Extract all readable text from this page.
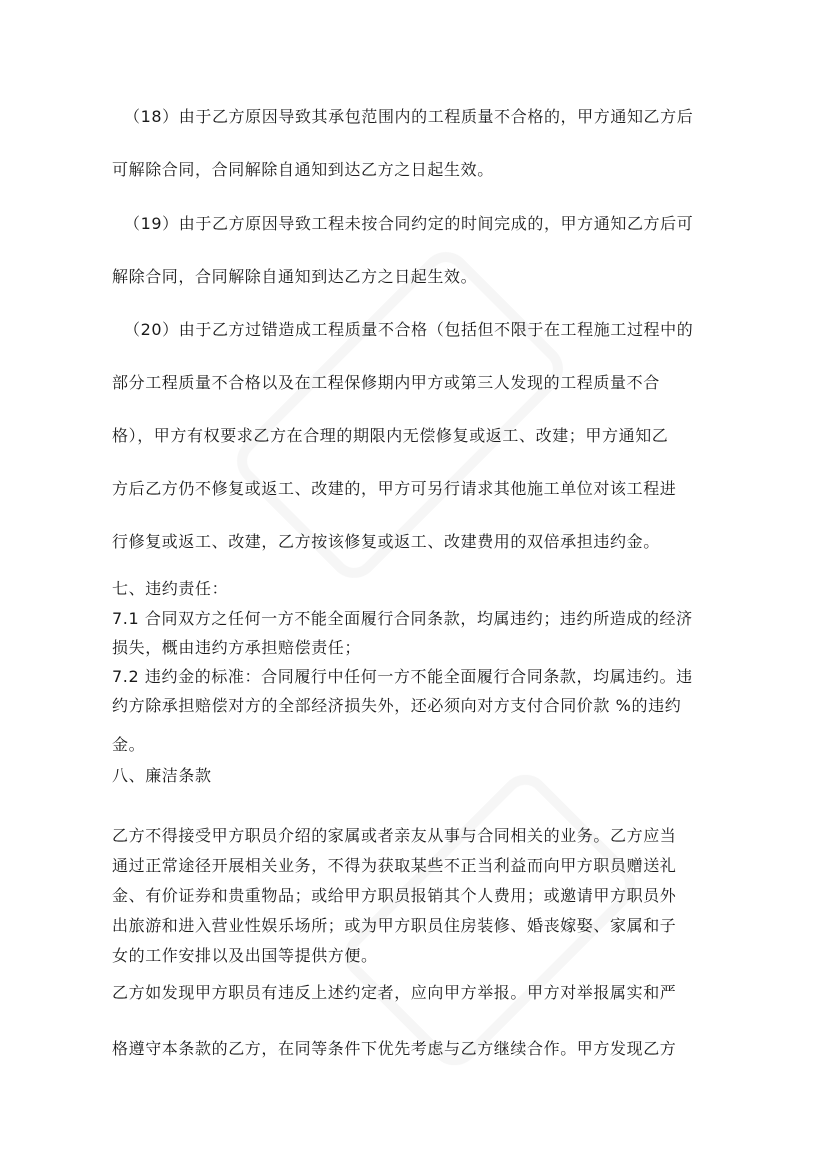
（18）由于乙方原因导致其承包范围内的工程质量不合格的，甲方通知乙方后
可解除合同，合同解除自通知到达乙方之日起生效。
（19）由于乙方原因导致工程未按合同约定的时间完成的，甲方通知乙方后可
解除合同，合同解除自通知到达乙方之日起生效。
（20）由于乙方过错造成工程质量不合格（包括但不限于在工程施工过程中的
部分工程质量不合格以及在工程保修期内甲方或第三人发现的工程质量不合
格），甲方有权要求乙方在合理的期限内无偿修复或返工、改建；甲方通知乙
方后乙方仍不修复或返工、改建的，甲方可另行请求其他施工单位对该工程进
行修复或返工、改建，乙方按该修复或返工、改建费用的双倍承担违约金。
七、违约责任：
7.1 合同双方之任何一方不能全面履行合同条款，均属违约；违约所造成的经济
损失，概由违约方承担赔偿责任；
7.2 违约金的标准：合同履行中任何一方不能全面履行合同条款，均属违约。违
约方除承担赔偿对方的全部经济损失外，还必须向对方支付合同价款 %的违约
金。
八、廉洁条款
乙方不得接受甲方职员介绍的家属或者亲友从事与合同相关的业务。乙方应当
通过正常途径开展相关业务，不得为获取某些不正当利益而向甲方职员赠送礼
金、有价证券和贵重物品；或给甲方职员报销其个人费用；或邀请甲方职员外
出旅游和进入营业性娱乐场所；或为甲方职员住房装修、婚丧嫁娶、家属和子
女的工作安排以及出国等提供方便。
乙方如发现甲方职员有违反上述约定者，应向甲方举报。甲方对举报属实和严
格遵守本条款的乙方，在同等条件下优先考虑与乙方继续合作。甲方发现乙方
